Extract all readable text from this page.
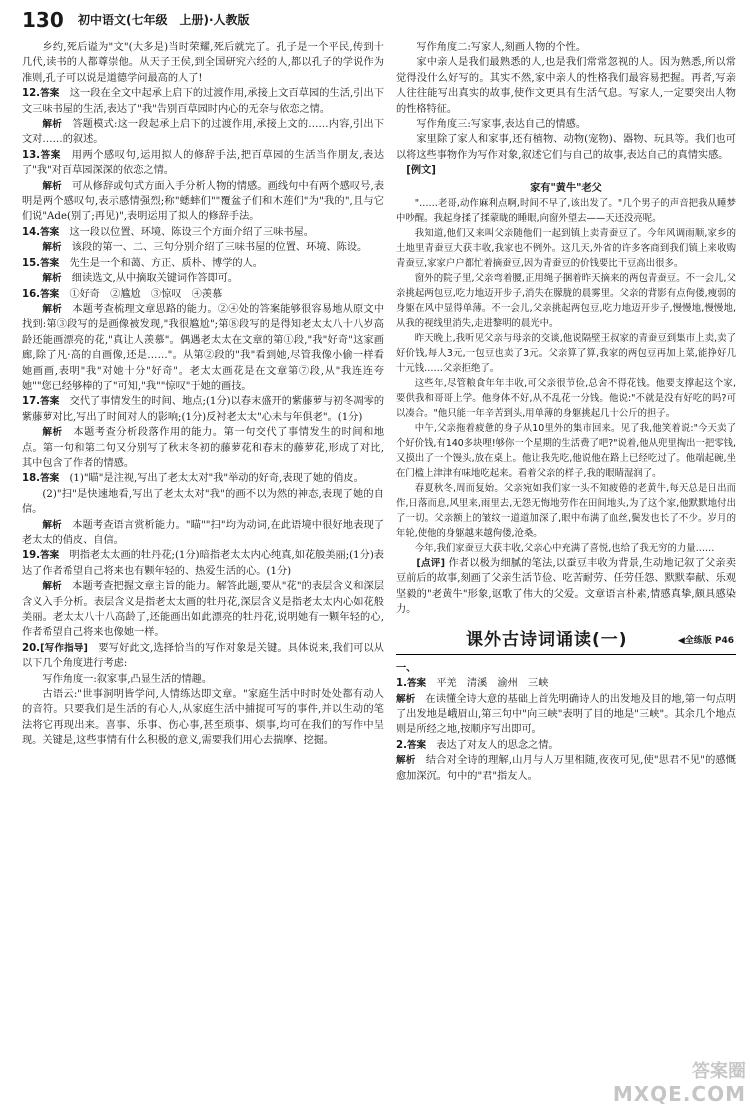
130 初中语文(七年级　上册)·人教版

乡约,死后谥为"文"(大多是)当时荣耀,死后就完了。孔子是一个平民,传到十几代,读书的人都尊崇他。从天子王侯,到全国研究六经的人,都以孔子的学说作为准则,孔子可以说是道德学问最高的人了!

12.答案　 这一段在全文中起承上启下的过渡作用,承接上文百草园的生活,引出下文三味书屋的生活,表达了"我"告别百草园时内心的无奈与依恋之情。

解析　 答题模式:这一段起承上启下的过渡作用,承接上文的……内容,引出下文对……的叙述。

13.答案　 用两个感叹句,运用拟人的修辞手法,把百草园的生活当作朋友,表达了"我"对百草园深深的依恋之情。

解析　 可从修辞或句式方面入手分析人物的情感。画线句中有两个感叹号,表明是两个感叹句,表示感情强烈;称"蟋蟀们""覆盆子们和木莲们"为"我的",且与它们说"Ade(别了;再见)",表明运用了拟人的修辞手法。

14.答案　 这一段以位置、环境、陈设三个方面介绍了三味书屋。

解析　 该段的第一、二、三句分别介绍了三味书屋的位置、环境、陈设。

15.答案　 先生是一个和蔼、方正、质朴、博学的人。

解析　 细读选文,从中摘取关键词作答即可。

16.答案　 ①好奇　②尴尬　③惊叹　④羡慕

解析　 本题考查梳理文章思路的能力。②④处的答案能够很容易地从原文中找到:第③段写的是画像被发现,"我很尴尬";第⑧段写的是得知老太太八十八岁高龄还能画漂亮的花,"真让人羡慕"。偶遇老太太在文章的第①段,"我"好奇"这家画廊,除了凡·高的自画像,还是……"。从第②段的"我"看到她,尽管我像小偷一样看她画画,表明"我"对她十分"好奇"。老太太画花是在文章第⑦段,从"我连连夸她""您已经够棒的了"可知,"我""惊叹"于她的画技。

17.答案　 交代了事情发生的时间、地点;(1分)以春末盛开的紫藤萝与初冬凋零的紫藤萝对比,写出了时间对人的影响;(1分)反衬老太太"心未与年俱老"。(1分)

解析　 本题考查分析段落作用的能力。第一句交代了事情发生的时间和地点。第一句和第二句又分别写了秋末冬初的藤萝花和春末的藤萝花,形成了对比,其中包含了作者的情感。

18.答案　 (1)"瞄"是注视,写出了老太太对"我"举动的好奇,表现了她的俏皮。

(2)"扫"是快速地看,写出了老太太对"我"的画不以为然的神态,表现了她的自信。

解析　 本题考查语言赏析能力。"瞄""扫"均为动词,在此语境中很好地表现了老太太的俏皮、自信。

19.答案　 明指老太太画的牡丹花;(1分)暗指老太太内心纯真,如花般美丽;(1分)表达了作者希望自己将来也有颗年轻的、热爱生活的心。(1分)

解析　 本题考查把握文章主旨的能力。解答此题,要从"花"的表层含义和深层含义入手分析。表层含义是指老太太画的牡丹花,深层含义是指老太太内心如花般美丽。老太太八十八高龄了,还能画出如此漂亮的牡丹花,说明她有一颗年轻的心,作者希望自己将来也像她一样。

20.[写作指导]　 要写好此文,选择恰当的写作对象是关键。具体说来,我们可以从以下几个角度进行考虑:

写作角度一:叙家事,凸显生活的情趣。

古语云:"世事洞明皆学问,人情练达即文章。"家庭生活中时时处处都有动人的音符。只要我们是生活的有心人,从家庭生活中捕捉可写的事件,并以生动的笔法将它再现出来。喜事、乐事、伤心事,甚至琐事、烦事,均可在我们的写作中呈现。关键是,这些事情有什么积极的意义,需要我们用心去揣摩、挖掘。

写作角度二:写家人,刻画人物的个性。

家中亲人是我们最熟悉的人,也是我们常常忽视的人。因为熟悉,所以常觉得没什么好写的。其实不然,家中亲人的性格我们最容易把握。再者,写亲人往往能写出真实的故事,使作文更具有生活气息。写家人,一定要突出人物的性格特征。

写作角度三:写家事,表达自己的情感。

家里除了家人和家事,还有植物、动物(宠物)、器物、玩具等。我们也可以将这些事物作为写作对象,叙述它们与自己的故事,表达自己的真情实感。

[例文]
家有"黄牛"老父

"……老哥,动作麻利点啊,时间不早了,该出发了。"几个男子的声音把我从睡梦中吵醒。我起身揉了揉蒙眬的睡眼,向窗外望去——天还没亮呢。

我知道,他们又来叫父亲随他们一起到镇上卖青蚕豆了。今年风调雨顺,家乡的土地里青蚕豆大获丰收,我家也不例外。这几天,外省的许多客商到我们镇上来收购青蚕豆,家家户户都忙着摘蚕豆,因为青蚕豆的价钱要比干豆高出很多。

窗外的院子里,父亲弯着腰,正用绳子捆着昨天摘来的两包青蚕豆。不一会儿,父亲挑起两包豆,吃力地迈开步子,消失在朦胧的晨雾里。父亲的背影有点佝偻,瘦弱的身躯在风中显得单薄。不一会儿,父亲挑起两包豆,吃力地迈开步子,慢慢地,慢慢地,从我的视线里消失,走进黎明的晨光中。

昨天晚上,我听见父亲与母亲的交谈,他说隔壁王叔家的青蚕豆到集市上卖,卖了好价钱,每人3元,一包豆也卖了3元。父亲算了算,我家的两包豆再加上菜,能挣好几十元钱……父亲拒绝了。

这些年,尽管粮食年年丰收,可父亲很节俭,总舍不得花钱。他要支撑起这个家,要供我和哥哥上学。他身体不好,从不乱花一分钱。他说:"不就是没有好吃的吗?可以凑合。"他只能一年辛苦到头,用单薄的身躯挑起几十公斤的担子。

中午,父亲拖着疲惫的身子从10里外的集市回来。见了我,他笑着说:"今天卖了个好价钱,有140多块哩!够你一个星期的生活费了吧?"说着,他从兜里掏出一把零钱,又摸出了一个馒头,放在桌上。他让我先吃,他说他在路上已经吃过了。他端起碗,坐在门槛上津津有味地吃起来。看着父亲的样子,我的眼睛湿润了。

春夏秋冬,周而复始。父亲宛如我们家一头不知疲倦的老黄牛,每天总是日出而作,日落而息,风里来,雨里去,无怨无悔地劳作在田间地头,为了这个家,他默默地付出了一切。父亲额上的皱纹一道道加深了,眼中布满了血丝,鬓发也长了不少。岁月的年轮,使他的身躯越来越佝偻,沧桑。

今年,我们家蚕豆大获丰收,父亲心中充满了喜悦,也给了我无穷的力量……

[点评] 作者以极为细腻的笔法,以蚕豆丰收为背景,生动地记叙了父亲卖豆前后的故事,刻画了父亲生活节俭、吃苦耐劳、任劳任怨、默默奉献、乐观坚毅的"老黄牛"形象,讴歌了伟大的父爱。文章语言朴素,情感真挚,颇具感染力。

课外古诗词诵读(一)	◀全练版 P46

一、

1.答案　 平羌　清溪　渝州　三峡

解析　 在读懂全诗大意的基础上首先明确诗人的出发地及目的地,第一句点明了出发地是峨眉山,第三句中"向三峡"表明了目的地是"三峡"。其余几个地点则是所经之地,按顺序写出即可。

2.答案　 表达了对友人的思念之情。

解析　 结合对全诗的理解,山月与人万里相随,夜夜可见,使"思君不见"的感慨愈加深沉。句中的"君"指友人。

答案圈
MXQE.COM
